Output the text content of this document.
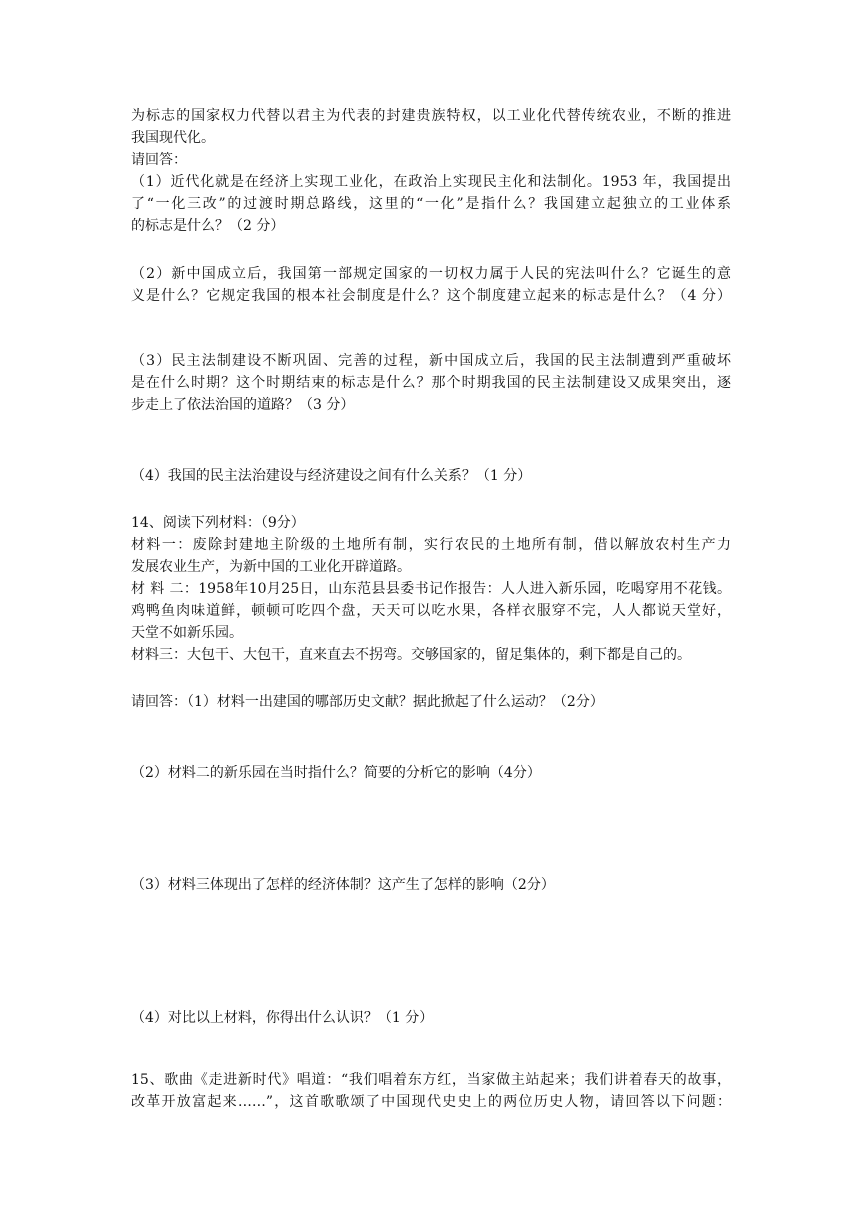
为标志的国家权力代替以君主为代表的封建贵族特权，以工业化代替传统农业，不断的推进

我国现代化。

请回答：

（1）近代化就是在经济上实现工业化，在政治上实现民主化和法制化。1953 年，我国提出

了“一化三改”的过渡时期总路线，这里的“一化”是指什么？我国建立起独立的工业体系

的标志是什么？（2 分）

（2）新中国成立后，我国第一部规定国家的一切权力属于人民的宪法叫什么？它诞生的意

义是什么？它规定我国的根本社会制度是什么？这个制度建立起来的标志是什么？（4 分）

（3）民主法制建设不断巩固、完善的过程，新中国成立后，我国的民主法制遭到严重破坏

是在什么时期？这个时期结束的标志是什么？那个时期我国的民主法制建设又成果突出，逐

步走上了依法治国的道路？（3 分）

（4）我国的民主法治建设与经济建设之间有什么关系？（1 分）

14、阅读下列材料：（9分）

材料一：废除封建地主阶级的土地所有制，实行农民的土地所有制，借以解放农村生产力

发展农业生产，为新中国的工业化开辟道路。

材 料 二：1958年10月25日，山东范县县委书记作报告：人人进入新乐园，吃喝穿用不花钱。

鸡鸭鱼肉味道鲜，顿顿可吃四个盘，天天可以吃水果，各样衣服穿不完，人人都说天堂好，

天堂不如新乐园。

材料三：大包干、大包干，直来直去不拐弯。交够国家的，留足集体的，剩下都是自己的。

请回答：（1）材料一出建国的哪部历史文献？据此掀起了什么运动？（2分）

（2）材料二的新乐园在当时指什么？简要的分析它的影响（4分）

（3）材料三体现出了怎样的经济体制？这产生了怎样的影响（2分）

（4）对比以上材料，你得出什么认识？（1 分）

15、歌曲《走进新时代》唱道：“我们唱着东方红，当家做主站起来；我们讲着春天的故事，

改革开放富起来……”，这首歌歌颂了中国现代史史上的两位历史人物，请回答以下问题：
